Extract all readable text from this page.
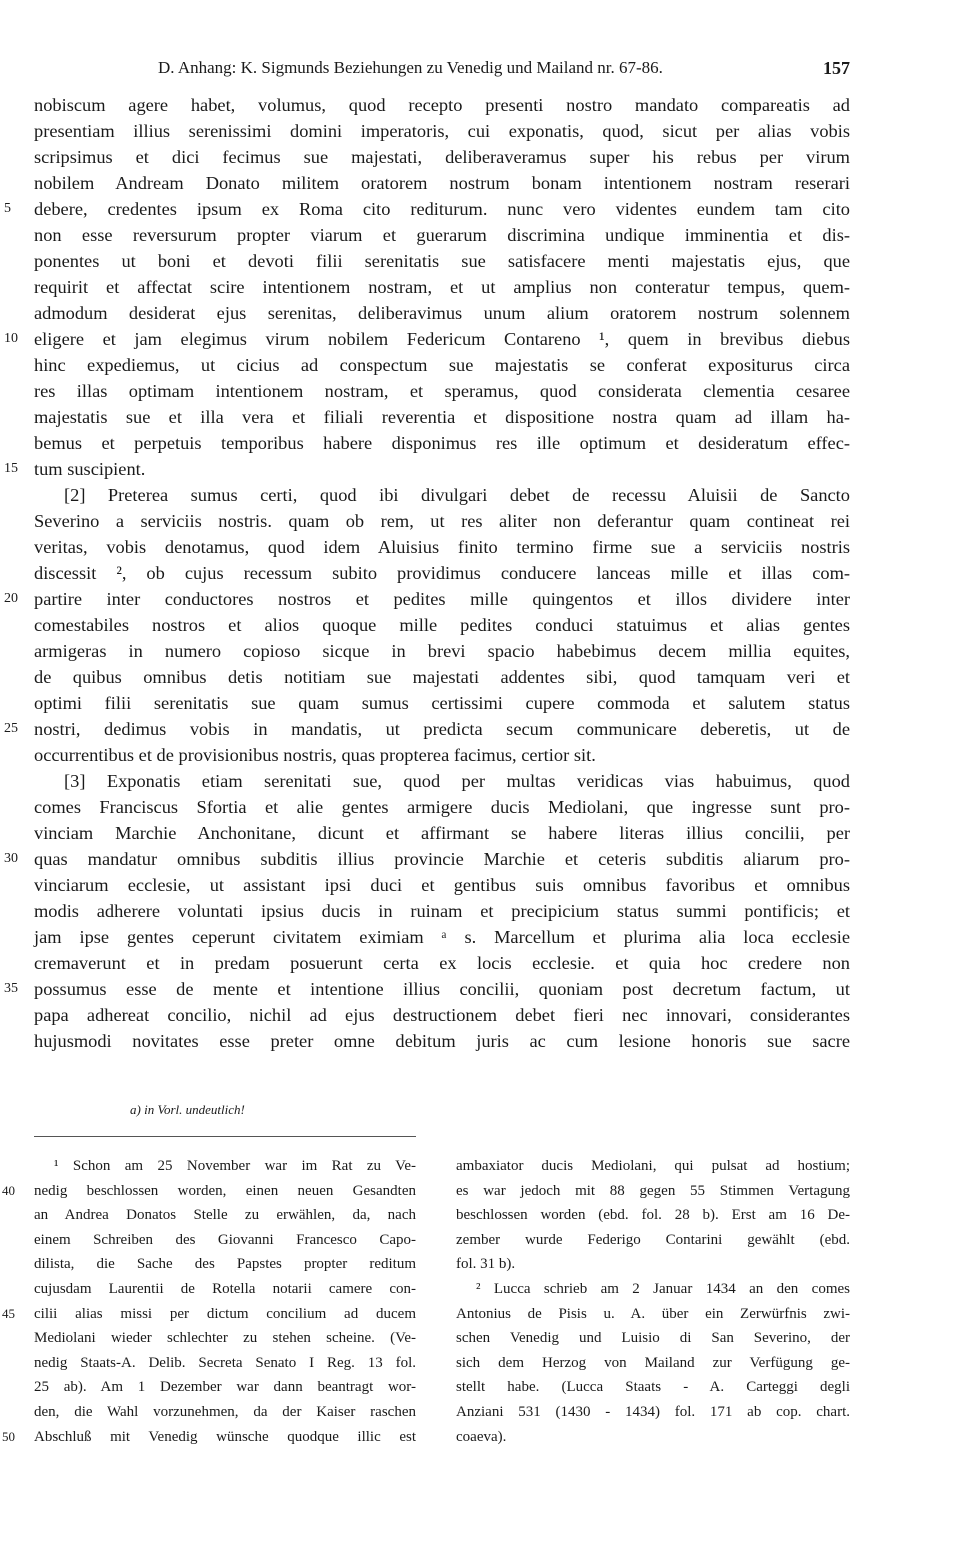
D. Anhang: K. Sigmunds Beziehungen zu Venedig und Mailand nr. 67-86.	157
nobiscum agere habet, volumus, quod recepto presenti nostro mandato compareatis ad
presentiam illius serenissimi domini imperatoris, cui exponatis, quod, sicut per alias vobis
scripsimus et dici fecimus sue majestati, deliberaveramus super his rebus per virum
nobilem Andream Donato militem oratorem nostrum bonam intentionem nostram reserari
5	debere, credentes ipsum ex Roma cito rediturum. nunc vero videntes eundem tam cito
non esse reversurum propter viarum et guerarum discrimina undique imminentia et dis-
ponentes ut boni et devoti filii serenitatis sue satisfacere menti majestatis ejus, que
requirit et affectat scire intentionem nostram, et ut amplius non conteratur tempus, quem-
admodum desiderat ejus serenitas, deliberavimus unum alium oratorem nostrum solennem
10 eligere et jam elegimus virum nobilem Federicum Contareno ¹, quem in brevibus diebus
hinc expediemus, ut cicius ad conspectum sue majestatis se conferat expositurus circa
res illas optimam intentionem nostram, et speramus, quod considerata clementia cesaree
majestatis sue et illa vera et filiali reverentia et dispositione nostra quam ad illam ha-
bemus et perpetuis temporibus habere disponimus res ille optimum et desideratum effec-
15 tum suscipient.
[2] Preterea sumus certi, quod ibi divulgari debet de recessu Aluisii de Sancto
Severino a serviciis nostris. quam ob rem, ut res aliter non deferantur quam contineat rei
veritas, vobis denotamus, quod idem Aluisius finito termino firme sue a serviciis nostris
discessit ², ob cujus recessum subito providimus conducere lanceas mille et illas com-
20 partire inter conductores nostros et pedites mille quingentos et illos dividere inter
comestabiles nostros et alios quoque mille pedites conduci statuimus et alias gentes
armigeras in numero copioso sicque in brevi spacio habebimus decem millia equites,
de quibus omnibus detis notitiam sue majestati addentes sibi, quod tamquam veri et
optimi filii serenitatis sue quam sumus certissimi cupere commoda et salutem status
25 nostri, dedimus vobis in mandatis, ut predicta secum communicare deberetis, ut de
occurrentibus et de provisionibus nostris, quas propterea facimus, certior sit.
[3] Exponatis etiam serenitati sue, quod per multas veridicas vias habuimus, quod
comes Franciscus Sfortia et alie gentes armigere ducis Mediolani, que ingresse sunt pro-
vinciam Marchie Anchonitane, dicunt et affirmant se habere literas illius concilii, per
30 quas mandatur omnibus subditis illius provincie Marchie et ceteris subditis aliarum pro-
vinciarum ecclesie, ut assistant ipsi duci et gentibus suis omnibus favoribus et omnibus
modis adherere voluntati ipsius ducis in ruinam et precipicium status summi pontificis; et
jam ipse gentes ceperunt civitatem eximiam ᵃ s. Marcellum et plurima alia loca ecclesie
cremaverunt et in predam posuerunt certa ex locis ecclesie. et quia hoc credere non
35 possumus esse de mente et intentione illius concilii, quoniam post decretum factum, ut
papa adhereat concilio, nichil ad ejus destructionem debet fieri nec innovari, considerantes
hujusmodi novitates esse preter omne debitum juris ac cum lesione honoris sue sacre
a) in Vorl. undeutlich!
¹ Schon am 25 November war im Rat zu Ve-
40	nedig beschlossen worden, einen neuen Gesandten
an Andrea Donatos Stelle zu erwählen, da, nach
einem Schreiben des Giovanni Francesco Capo-
dilista, die Sache des Papstes propter reditum
cujusdam Laurentii de Rotella notarii camere con-
45	cilii alias missi per dictum concilium ad ducem
Mediolani wieder schlechter zu stehen scheine. (Ve-
nedig Staats-A. Delib. Secreta Senato I Reg. 13 fol.
25 ab). Am 1 Dezember war dann beantragt wor-
den, die Wahl vorzunehmen, da der Kaiser raschen
50	Abschluß mit Venedig wünsche quodque illic est
ambaxiator ducis Mediolani, qui pulsat ad hostium;
es war jedoch mit 88 gegen 55 Stimmen Vertagung
beschlossen worden (ebd. fol. 28 b). Erst am 16 De-
zember wurde Federigo Contarini gewählt (ebd.
fol. 31 b).
² Lucca schrieb am 2 Januar 1434 an den comes
Antonius de Pisis u. A. über ein Zerwürfnis zwi-
schen Venedig und Luisio di San Severino, der
sich dem Herzog von Mailand zur Verfügung ge-
stellt habe. (Lucca Staats - A. Carteggi degli
Anziani 531 (1430 - 1434) fol. 171 ab cop. chart.
coaeva).
